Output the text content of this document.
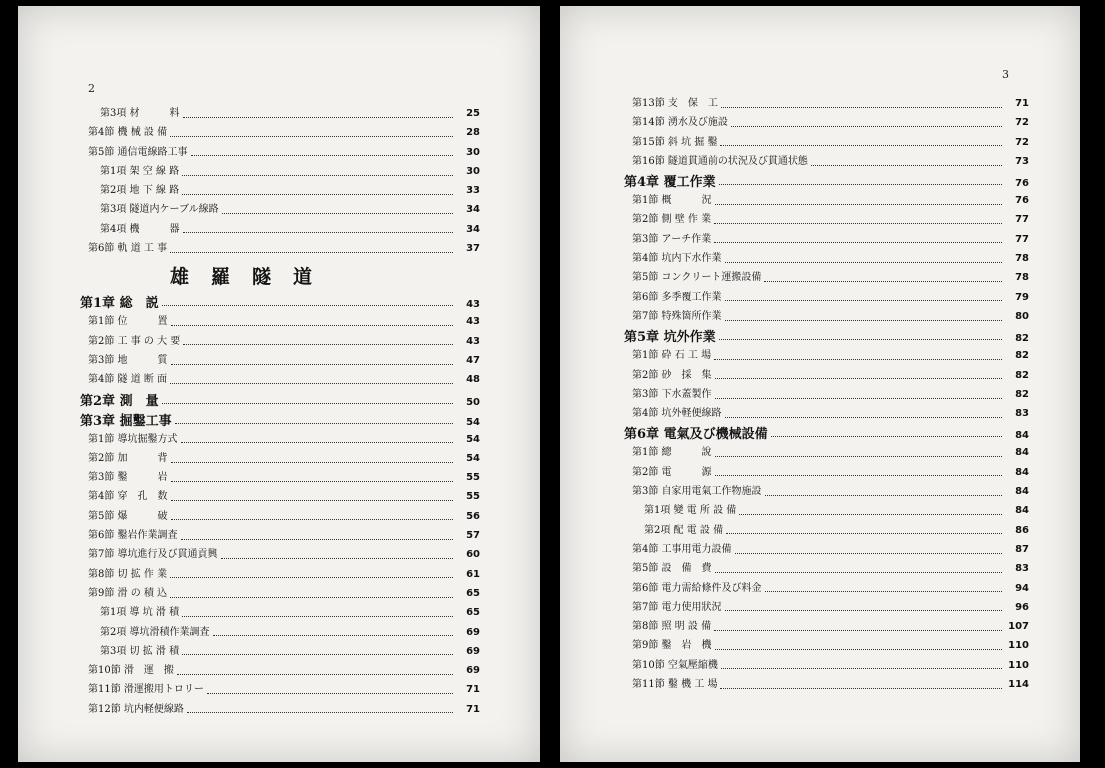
2
第3項 材　　　料	25
第4節 機 械 設 備	28
第5節 通信電線路工事	30
第1項 架 空 線 路	30
第2項 地 下 線 路	33
第3項 隧道内ケーブル線路	34
第4項 機　　　器	34
第6節 軌 道 工 事	37
雄羅隧道
第1章 総　説	43
第1節 位　　　置	43
第2節 工 事 の 大 要	43
第3節 地　　　質	47
第4節 隧 道 断 面	48
第2章 測　量	50
第3章 掘鑿工事	54
第1節 導坑掘鑿方式	54
第2節 加　　　背	54
第3節 鑿　　　岩	55
第4節 穿　孔　数	55
第5節 爆　　　破	56
第6節 鑿岩作業調査	57
第7節 導坑進行及び貫通貢興	60
第8節 切 拡 作 業	61
第9節 滑 の 積 込	65
第1項 導 坑 滑 積	65
第2項 導坑滑積作業調査	69
第3項 切 拡 滑 積	69
第10節 滑　運　搬	69
第11節 滑運搬用トロリー	71
第12節 坑内軽便線路	71
3
第13節 支　保　工	71
第14節 湧水及び施設	72
第15節 斜 坑 掘 鑿	72
第16節 隧道貫通前の状況及び貫通状態	73
第4章 覆工作業	76
第1節 概　　　況	76
第2節 側 壁 作 業	77
第3節 アーチ作業	77
第4節 坑内下水作業	78
第5節 コンクリート運搬設備	78
第6節 多季覆工作業	79
第7節 特殊箇所作業	80
第5章 坑外作業	82
第1節 砕 石 工 場	82
第2節 砂　採　集	82
第3節 下水蓋製作	82
第4節 坑外軽便線路	83
第6章 電氣及び機械設備	84
第1節 總　　　說	84
第2節 電　　　源	84
第3節 自家用電氣工作物施設	84
第1項 變 電 所 設 備	84
第2項 配 電 設 備	86
第4節 工事用電力設備	87
第5節 設　備　費	83
第6節 電力需給條件及び料金	94
第7節 電力使用狀況	96
第8節 照 明 設 備	107
第9節 鑿　岩　機	110
第10節 空氣壓縮機	110
第11節 鑿 機 工 場	114
